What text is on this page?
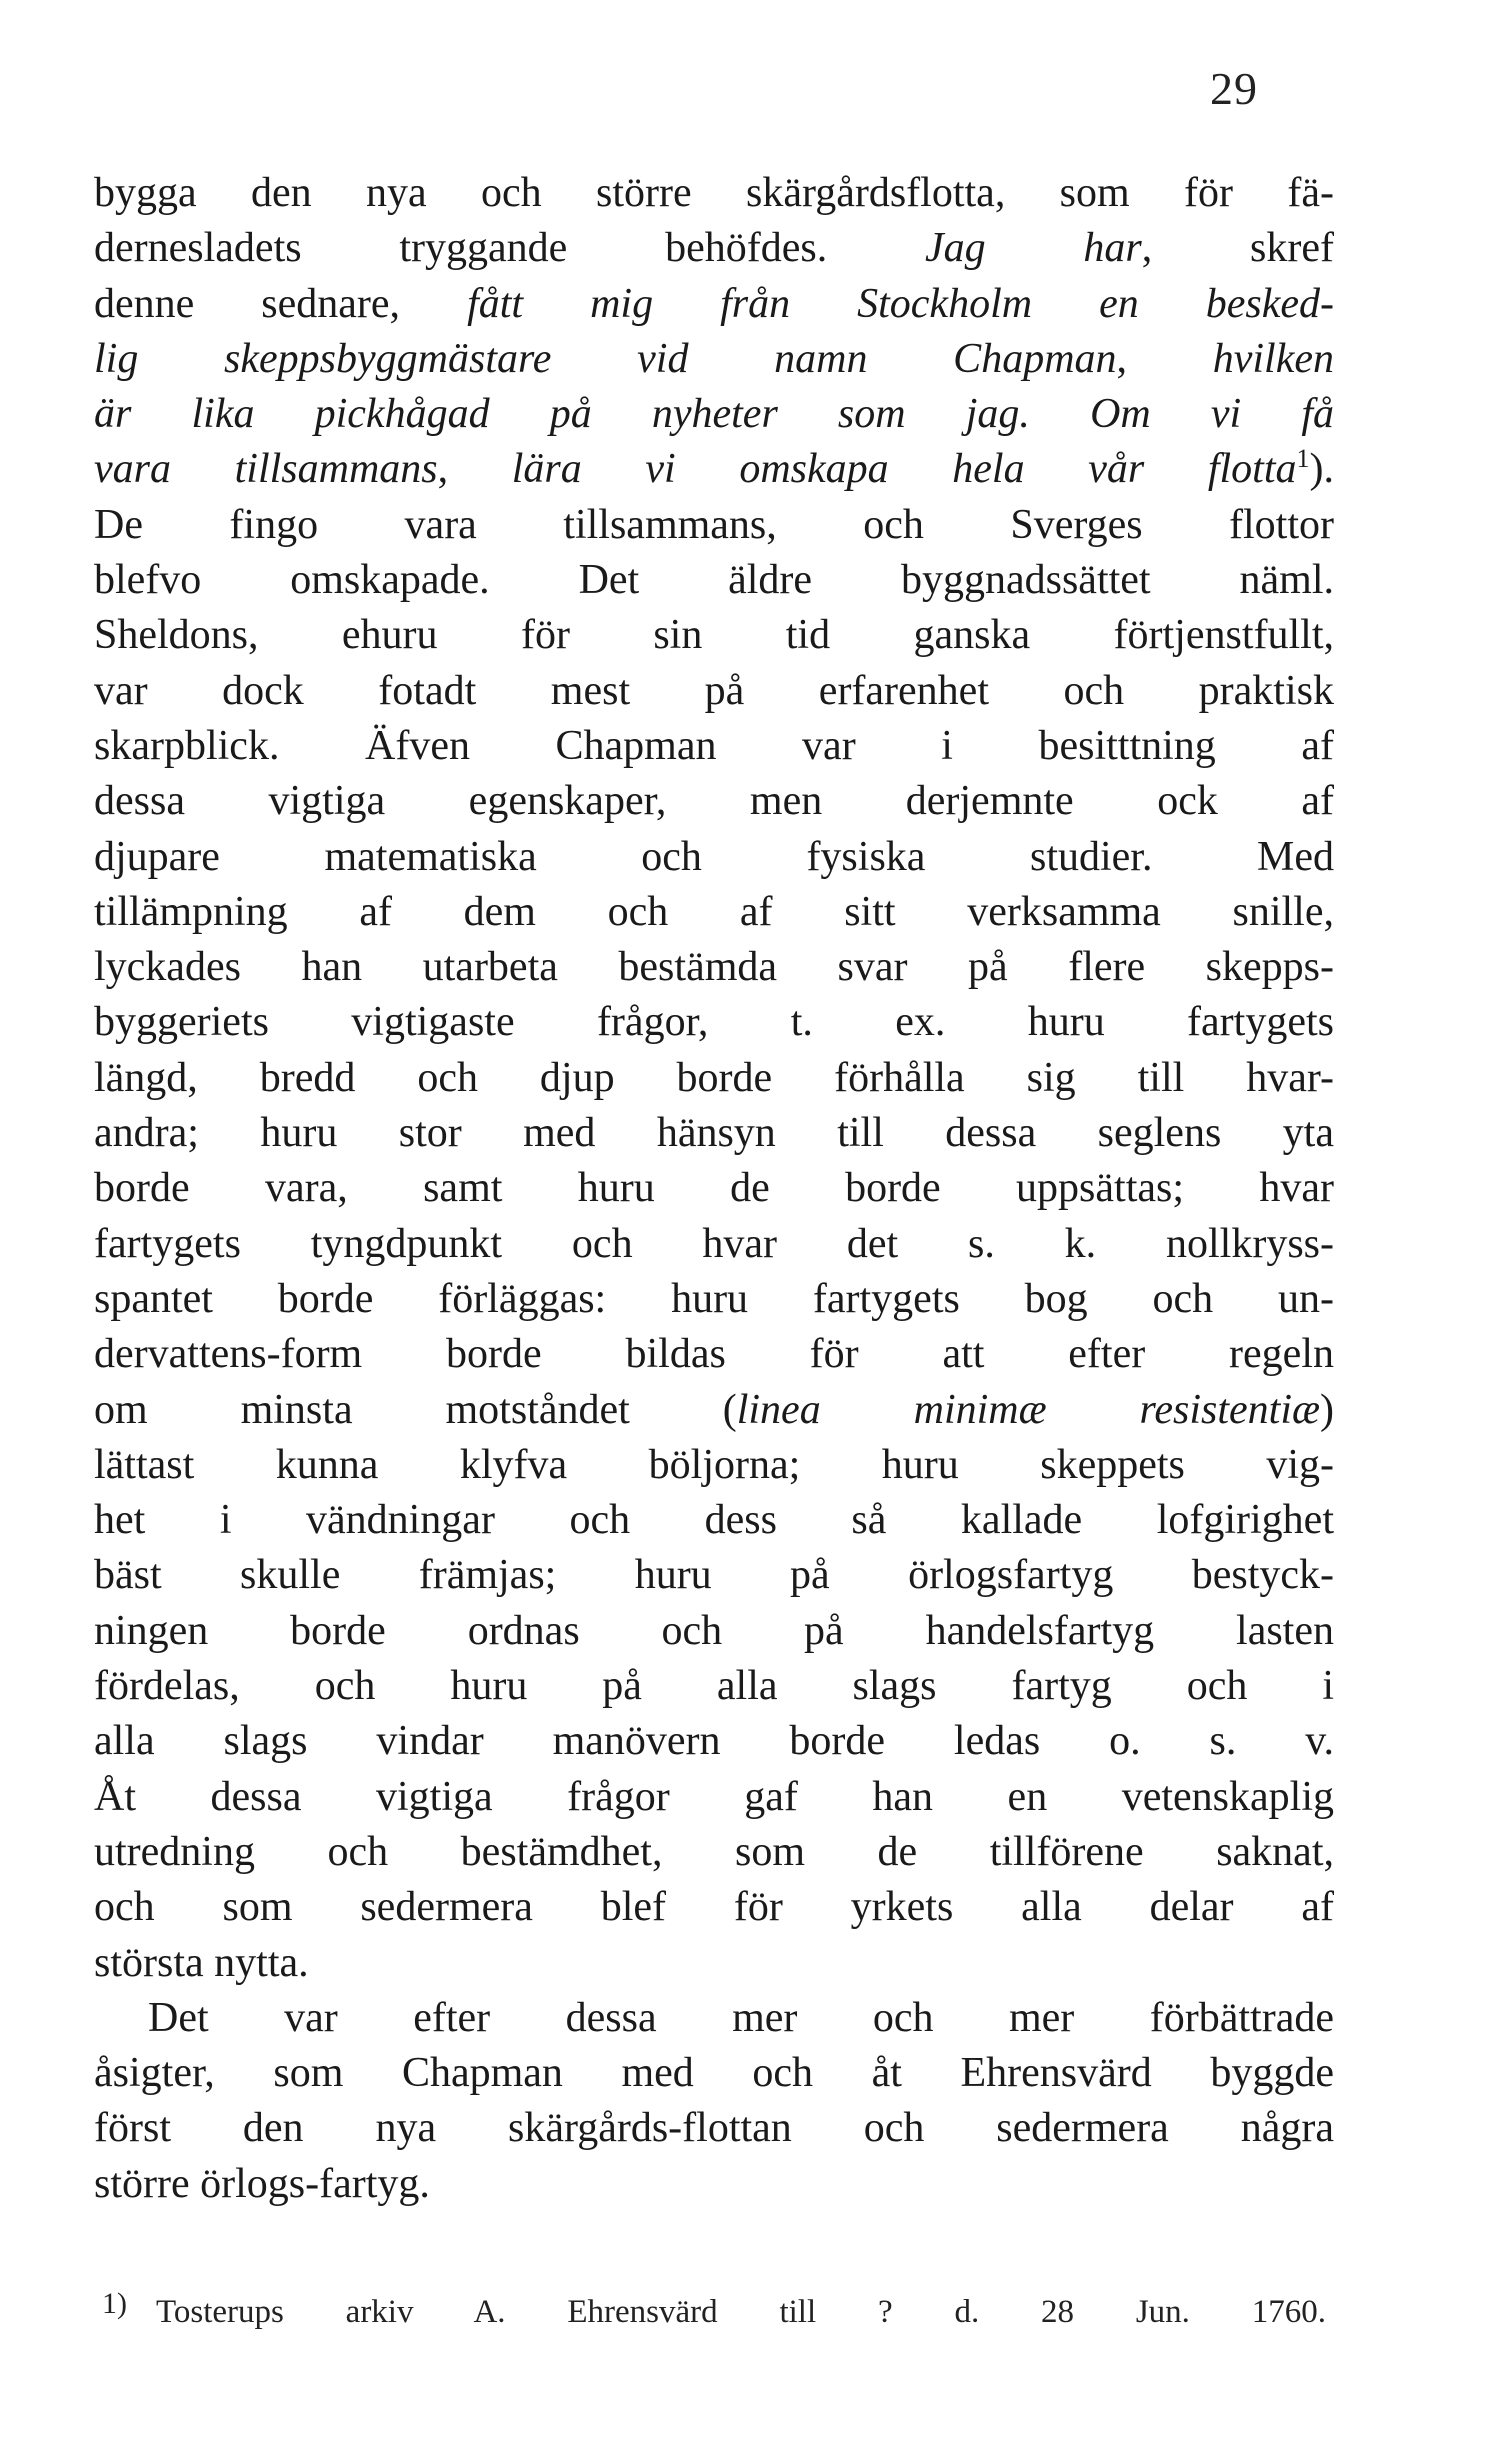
29
bygga den nya och större skärgårdsflotta, som för fä-
dernesladets tryggande behöfdes. Jag har, skref
denne sednare, fått mig från Stockholm en besked-
lig skeppsbyggmästare vid namn Chapman, hvilken
är lika pickhågad på nyheter som jag. Om vi få
vara tillsammans, lära vi omskapa hela vår flotta$^1$).
De fingo vara tillsammans, och Sverges flottor
blefvo omskapade. Det äldre byggnadssättet näml.
Sheldons, ehuru för sin tid ganska förtjenstfullt,
var dock fotadt mest på erfarenhet och praktisk
skarpblick. Äfven Chapman var i besitttning af
dessa vigtiga egenskaper, men derjemnte ock af
djupare matematiska och fysiska studier. Med
tillämpning af dem och af sitt verksamma snille,
lyckades han utarbeta bestämda svar på flere skepps-
byggeriets vigtigaste frågor, t. ex. huru fartygets
längd, bredd och djup borde förhålla sig till hvar-
andra; huru stor med hänsyn till dessa seglens yta
borde vara, samt huru de borde uppsättas; hvar
fartygets tyngdpunkt och hvar det s. k. nollkryss-
spantet borde förläggas: huru fartygets bog och un-
dervattens-form borde bildas för att efter regeln
om minsta motståndet (linea minimæ resistentiæ)
lättast kunna klyfva böljorna; huru skeppets vig-
het i vändningar och dess så kallade lofgirighet
bäst skulle främjas; huru på örlogsfartyg bestyck-
ningen borde ordnas och på handelsfartyg lasten
fördelas, och huru på alla slags fartyg och i
alla slags vindar manövern borde ledas o. s. v.
Åt dessa vigtiga frågor gaf han en vetenskaplig
utredning och bestämdhet, som de tillförene saknat,
och som sedermera blef för yrkets alla delar af
största nytta.
Det var efter dessa mer och mer förbättrade
åsigter, som Chapman med och åt Ehrensvärd byggde
först den nya skärgårds-flottan och sedermera några
större örlogs-fartyg.
1) Tosterups arkiv A. Ehrensvärd till ? d. 28 Jun. 1760.
